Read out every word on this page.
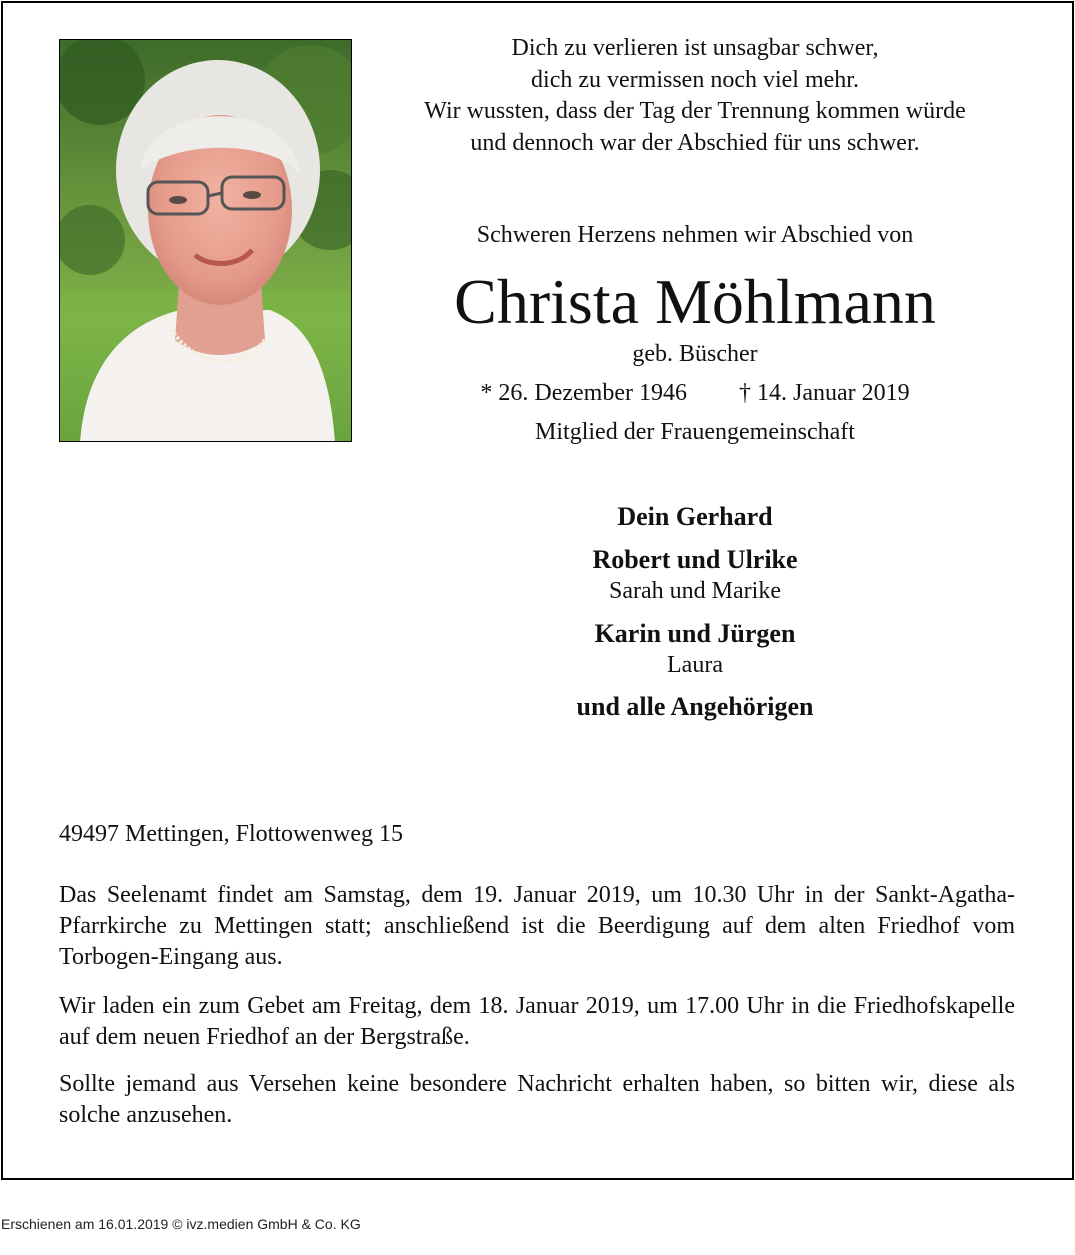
Dich zu verlieren ist unsagbar schwer,
dich zu vermissen noch viel mehr.
Wir wussten, dass der Tag der Trennung kommen würde
und dennoch war der Abschied für uns schwer.
Schweren Herzens nehmen wir Abschied von
Christa Möhlmann
geb. Büscher
* 26. Dezember 1946 † 14. Januar 2019
Mitglied der Frauengemeinschaft
Dein Gerhard
Robert und Ulrike
Sarah und Marike
Karin und Jürgen
Laura
und alle Angehörigen
49497 Mettingen, Flottowenweg 15
Das Seelenamt findet am Samstag, dem 19. Januar 2019, um 10.30 Uhr in der Sankt-Agatha-Pfarrkirche zu Mettingen statt; anschließend ist die Beerdigung auf dem alten Friedhof vom Torbogen-Eingang aus.
Wir laden ein zum Gebet am Freitag, dem 18. Januar 2019, um 17.00 Uhr in die Friedhofskapelle auf dem neuen Friedhof an der Bergstraße.
Sollte jemand aus Versehen keine besondere Nachricht erhalten haben, so bitten wir, diese als solche anzusehen.
Erschienen am 16.01.2019 © ivz.medien GmbH & Co. KG
